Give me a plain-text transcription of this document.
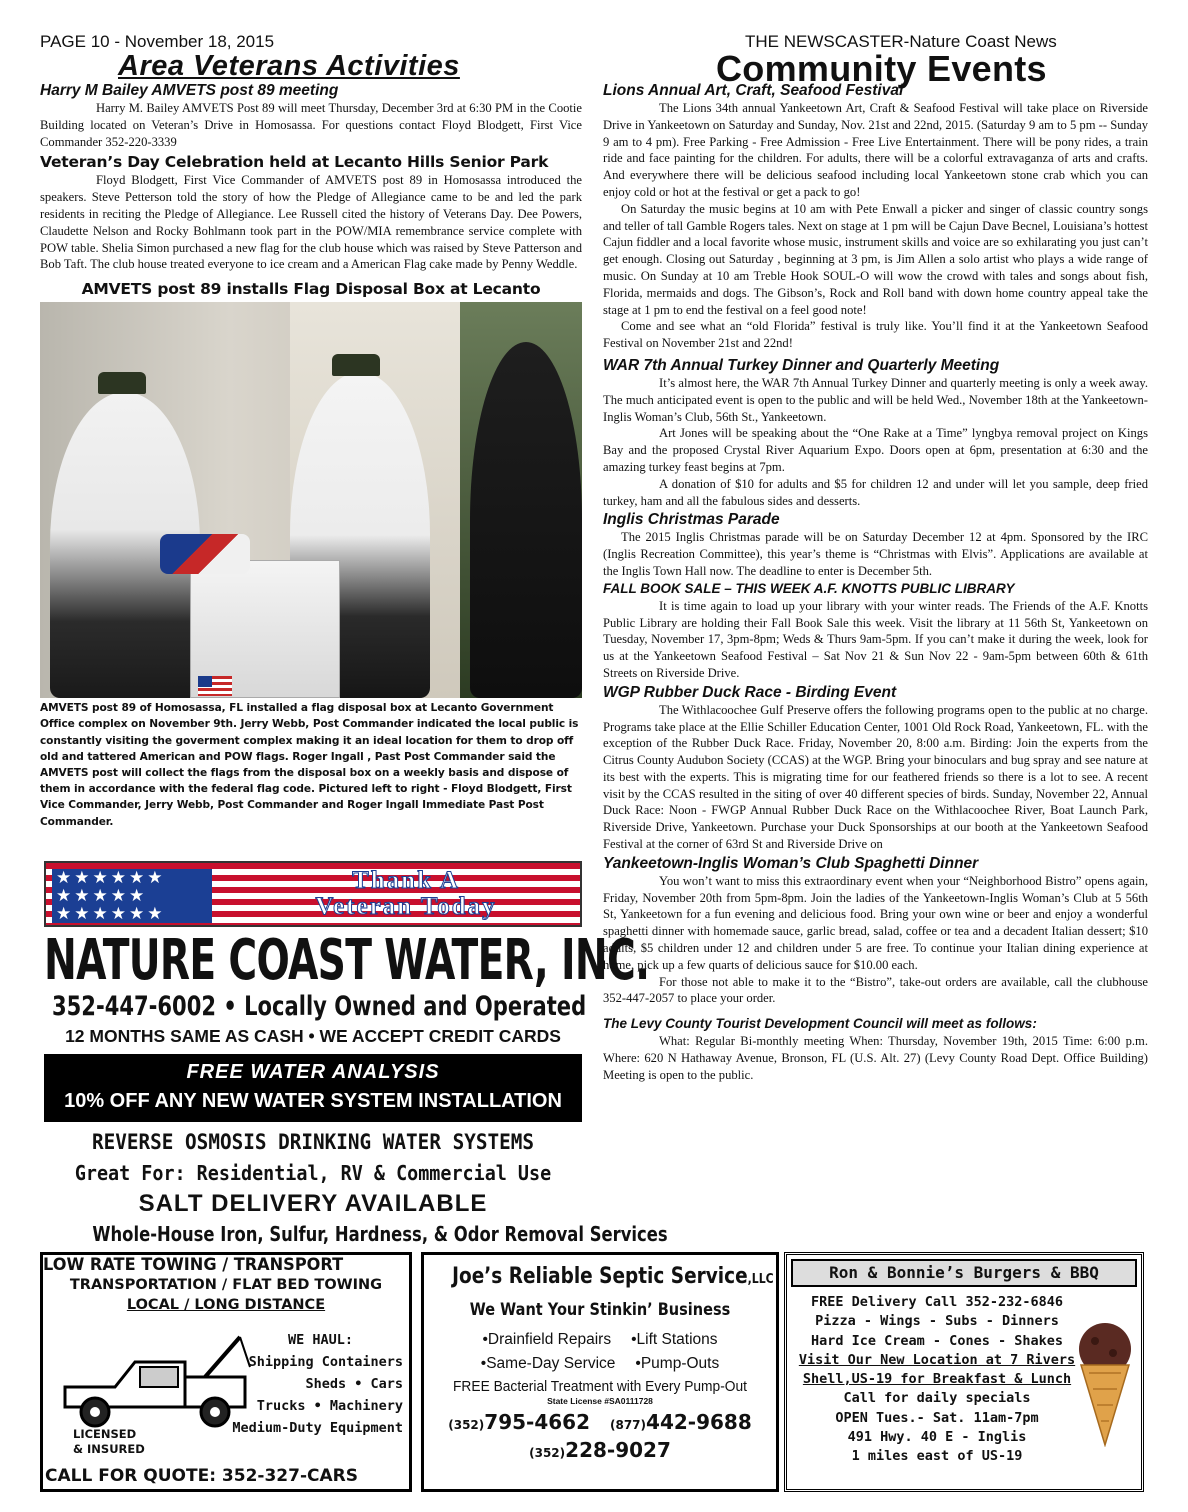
PAGE 10 - November 18, 2015	THE NEWSCASTER-Nature Coast News
Area Veterans Activities	Community Events
Harry M Bailey AMVETS post 89 meeting

Harry M. Bailey AMVETS Post 89 will meet Thursday, December 3rd at 6:30 PM in the Cootie Building located on Veteran’s Drive in Homosassa. For questions contact Floyd Blodgett, First Vice Commander 352-220-3339

Veteran’s Day Celebration held at Lecanto Hills Senior Park

Floyd Blodgett, First Vice Commander of AMVETS post 89 in Homosassa introduced the speakers. Steve Petterson told the story of how the Pledge of Allegiance came to be and led the park residents in reciting the Pledge of Allegiance. Lee Russell cited the history of Veterans Day. Dee Powers, Claudette Nelson and Rocky Bohlmann took part in the POW/MIA remembrance service complete with POW table. Shelia Simon purchased a new flag for the club house which was raised by Steve Patterson and Bob Taft. The club house treated everyone to ice cream and a American Flag cake made by Penny Weddle.

AMVETS post 89 installs Flag Disposal Box at Lecanto

AMVETS post 89 of Homosassa, FL installed a flag disposal box at Lecanto Government Office complex on November 9th. Jerry Webb, Post Commander indicated the local public is constantly visiting the goverment complex making it an ideal location for them to drop off old and tattered American and POW flags. Roger Ingall , Past Post Commander said the AMVETS post will collect the flags from the disposal box on a weekly basis and dispose of them in accordance with the federal flag code. Pictured left to right - Floyd Blodgett, First Vice Commander, Jerry Webb, Post Commander and Roger Ingall Immediate Past Post Commander.

★★★★★★ ★★★★★ ★★★★★★
Thank A
Veteran Today
NATURE COAST WATER, INC.
352-447-6002 • Locally Owned and Operated
12 MONTHS SAME AS CASH • WE ACCEPT CREDIT CARDS
FREE WATER ANALYSIS
10% OFF ANY NEW WATER SYSTEM INSTALLATION
REVERSE OSMOSIS DRINKING WATER SYSTEMS
Great For: Residential, RV & Commercial Use
SALT DELIVERY AVAILABLE
Whole-House Iron, Sulfur, Hardness, & Odor Removal Services
Lions Annual Art, Craft, Seafood Festival

The Lions 34th annual Yankeetown Art, Craft & Seafood Festival will take place on Riverside Drive in Yankeetown on Saturday and Sunday, Nov. 21st and 22nd, 2015. (Saturday 9 am to 5 pm -- Sunday 9 am to 4 pm). Free Parking - Free Admission - Free Live Entertainment. There will be pony rides, a train ride and face painting for the children. For adults, there will be a colorful extravaganza of arts and crafts. And everywhere there will be delicious seafood including local Yankeetown stone crab which you can enjoy cold or hot at the festival or get a pack to go!

On Saturday the music begins at 10 am with Pete Enwall a picker and singer of classic country songs and teller of tall Gamble Rogers tales. Next on stage at 1 pm will be Cajun Dave Becnel, Louisiana’s hottest Cajun fiddler and a local favorite whose music, instrument skills and voice are so exhilarating you just can’t get enough. Closing out Saturday , beginning at 3 pm, is Jim Allen a solo artist who plays a wide range of music. On Sunday at 10 am Treble Hook SOUL-O will wow the crowd with tales and songs about fish, Florida, mermaids and dogs. The Gibson’s, Rock and Roll band with down home country appeal take the stage at 1 pm to end the festival on a feel good note!

Come and see what an “old Florida” festival is truly like. You’ll find it at the Yankeetown Seafood Festival on November 21st and 22nd!

WAR 7th Annual Turkey Dinner and Quarterly Meeting

It’s almost here, the WAR 7th Annual Turkey Dinner and quarterly meeting is only a week away. The much anticipated event is open to the public and will be held Wed., November 18th at the Yankeetown-Inglis Woman’s Club, 56th St., Yankeetown.

Art Jones will be speaking about the “One Rake at a Time” lyngbya removal project on Kings Bay and the proposed Crystal River Aquarium Expo. Doors open at 6pm, presentation at 6:30 and the amazing turkey feast begins at 7pm.

A donation of $10 for adults and $5 for children 12 and under will let you sample, deep fried turkey, ham and all the fabulous sides and desserts.

Inglis Christmas Parade

The 2015 Inglis Christmas parade will be on Saturday December 12 at 4pm. Sponsored by the IRC (Inglis Recreation Committee), this year’s theme is “Christmas with Elvis”. Applications are available at the Inglis Town Hall now. The deadline to enter is December 5th.

FALL BOOK SALE – THIS WEEK A.F. KNOTTS PUBLIC LIBRARY

It is time again to load up your library with your winter reads. The Friends of the A.F. Knotts Public Library are holding their Fall Book Sale this week. Visit the library at 11 56th St, Yankeetown on Tuesday, November 17, 3pm-8pm; Weds & Thurs 9am-5pm. If you can’t make it during the week, look for us at the Yankeetown Seafood Festival – Sat Nov 21 & Sun Nov 22 - 9am-5pm between 60th & 61th Streets on Riverside Drive.

WGP Rubber Duck Race - Birding Event

The Withlacoochee Gulf Preserve offers the following programs open to the public at no charge. Programs take place at the Ellie Schiller Education Center, 1001 Old Rock Road, Yankeetown, FL. with the exception of the Rubber Duck Race. Friday, November 20, 8:00 a.m. Birding: Join the experts from the Citrus County Audubon Society (CCAS) at the WGP. Bring your binoculars and bug spray and see nature at its best with the experts. This is migrating time for our feathered friends so there is a lot to see. A recent visit by the CCAS resulted in the siting of over 40 different species of birds. Sunday, November 22, Annual Duck Race: Noon - FWGP Annual Rubber Duck Race on the Withlacoochee River, Boat Launch Park, Riverside Drive, Yankeetown. Purchase your Duck Sponsorships at our booth at the Yankeetown Seafood Festival at the corner of 63rd St and Riverside Drive on

Yankeetown-Inglis Woman’s Club Spaghetti Dinner

You won’t want to miss this extraordinary event when your “Neighborhood Bistro” opens again, Friday, November 20th from 5pm-8pm. Join the ladies of the Yankeetown-Inglis Woman’s Club at 5 56th St, Yankeetown for a fun evening and delicious food. Bring your own wine or beer and enjoy a wonderful spaghetti dinner with homemade sauce, garlic bread, salad, coffee or tea and a decadent Italian dessert; $10 adults, $5 children under 12 and children under 5 are free. To continue your Italian dining experience at home, pick up a few quarts of delicious sauce for $10.00 each.

For those not able to make it to the “Bistro”, take-out orders are available, call the clubhouse 352-447-2057 to place your order.

The Levy County Tourist Development Council will meet as follows:

What: Regular Bi-monthly meeting When: Thursday, November 19th, 2015 Time: 6:00 p.m. Where: 620 N Hathaway Avenue, Bronson, FL (U.S. Alt. 27) (Levy County Road Dept. Office Building) Meeting is open to the public.

LOW RATE TOWING / TRANSPORT
TRANSPORTATION / FLAT BED TOWING
LOCAL / LONG DISTANCE
WE HAUL:
Shipping Containers
Sheds • Cars
Trucks • Machinery
Medium-Duty Equipment
LICENSED
& INSURED
CALL FOR QUOTE: 352-327-CARS
Joe’s Reliable Septic Service,LLC
We Want Your Stinkin’ Business
•Drainfield Repairs •Lift Stations
•Same-Day Service •Pump-Outs
FREE Bacterial Treatment with Every Pump-Out
State License #SA0111728
(352)795-4662 (877)442-9688
(352)228-9027
Ron & Bonnie’s Burgers & BBQ
FREE Delivery Call 352-232-6846
Pizza - Wings - Subs - Dinners
Hard Ice Cream - Cones - Shakes
Visit Our New Location at 7 Rivers
Shell,US-19 for Breakfast & Lunch
Call for daily specials
OPEN Tues.- Sat. 11am-7pm
491 Hwy. 40 E - Inglis
1 miles east of US-19
